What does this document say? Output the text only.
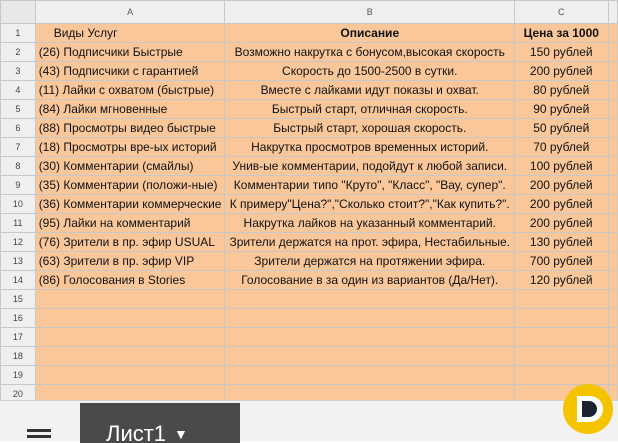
	A	B	C	
1	Виды Услуг	Описание	Цена за 1000	
2	(26) Подписчики Быстрые	Возможно накрутка с бонусом,высокая скорость	150 рублей	
3	(43) Подписчики с гарантией	Скорость до 1500-2500 в сутки.	200 рублей	
4	(11) Лайки с охватом (быстрые)	Вместе с лайками идут показы и охват.	80 рублей	
5	(84) Лайки мгновенные	Быстрый старт, отличная скорость.	90 рублей	
6	(88) Просмотры видео быстрые	Быстрый старт, хорошая скорость.	50 рублей	
7	(18) Просмотры вре-ых историй	Накрутка просмотров временных историй.	70 рублей	
8	(30) Комментарии (смайлы)	Унив-ые комментарии, подойдут к любой записи.	100 рублей	
9	(35) Комментарии (положи-ные)	Комментарии типо "Круто", "Класс", "Вау, супер".	200 рублей	
10	(36) Комментарии коммерческие	К примеру"Цена?","Сколько стоит?","Как купить?".	200 рублей	
11	(95) Лайки на комментарий	Накрутка лайков на указанный комментарий.	200 рублей	
12	(76) Зрители в пр. эфир USUAL	Зрители держатся на прот. эфира, Нестабильные.	130 рублей	
13	(63) Зрители в пр. эфир VIP	Зрители держатся на протяжении эфира.	700 рублей	
14	(86) Голосования в Stories	Голосование в за один из вариантов (Да/Нет).	120 рублей	
15				
16				
17				
18				
19				
20				
Лист1 ▼
